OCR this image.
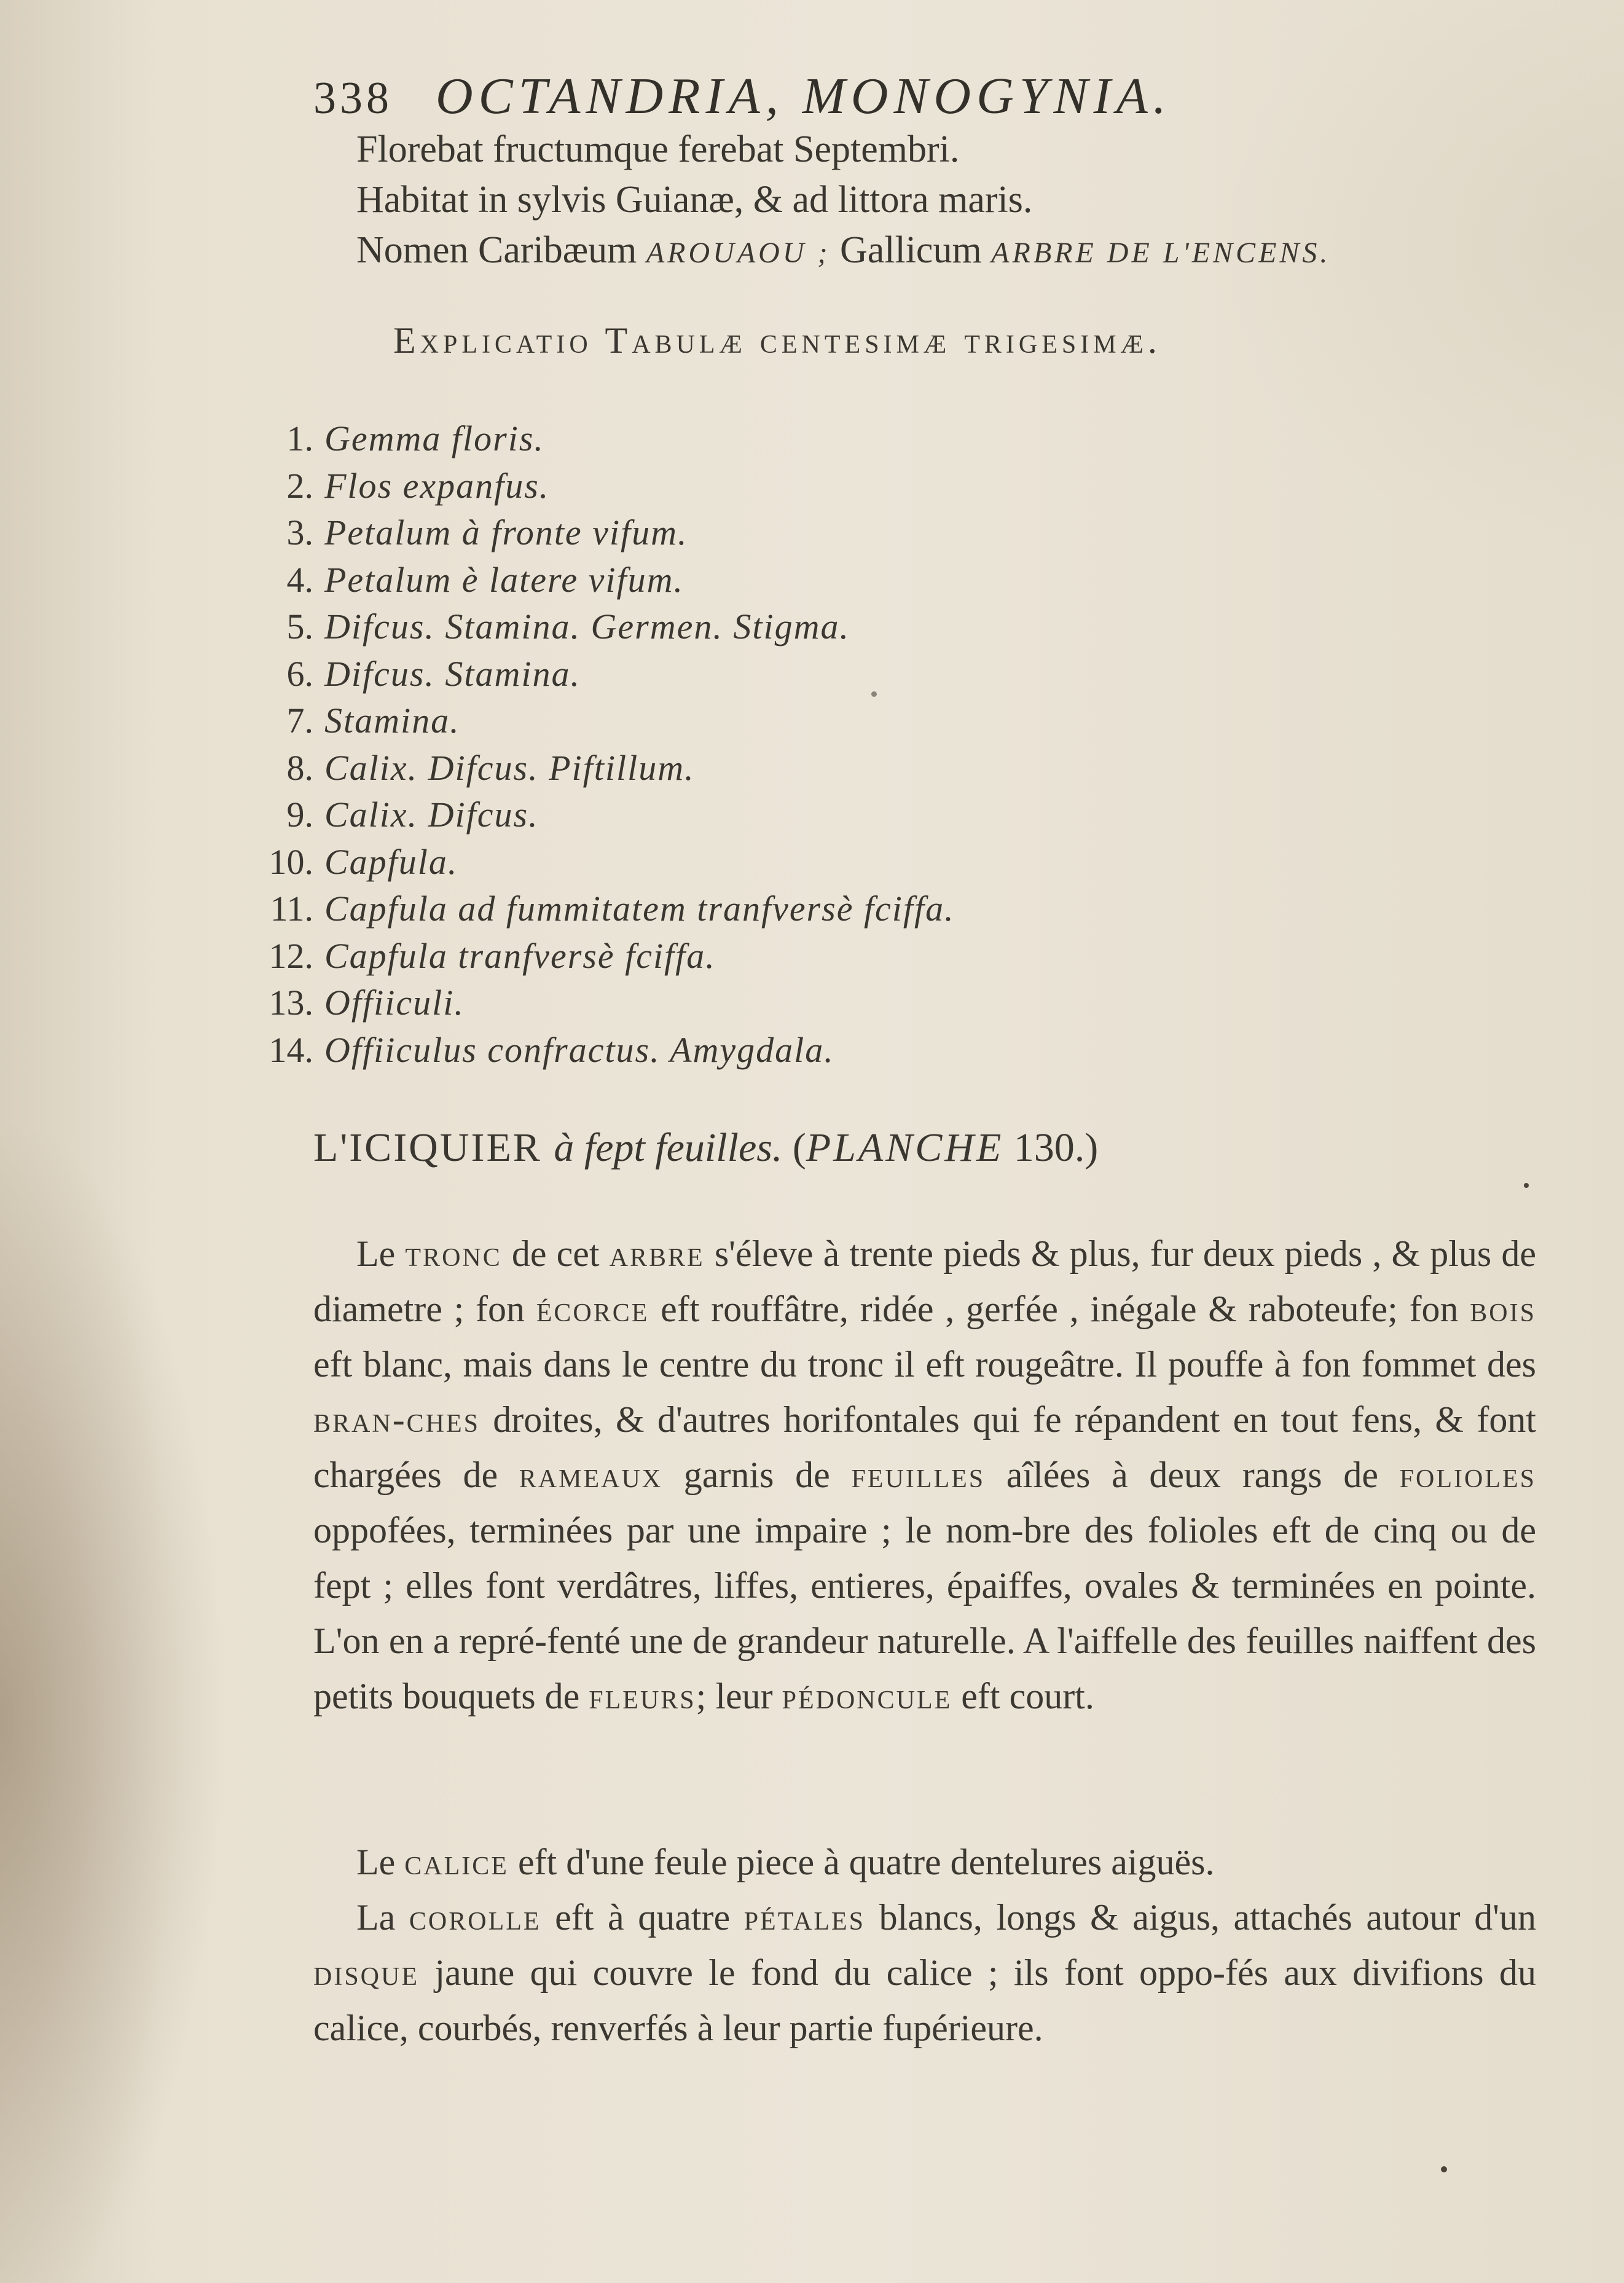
338 OCTANDRIA, MONOGYNIA.
Florebat fructumque ferebat Septembri.
Habitat in sylvis Guianæ, & ad littora maris.
Nomen Caribæum AROUAOU ; Gallicum ARBRE DE L'ENCENS.
Explicatio Tabulæ centesimæ trigesimæ.
1. Gemma floris.
2. Flos expanfus.
3. Petalum à fronte vifum.
4. Petalum è latere vifum.
5. Difcus. Stamina. Germen. Stigma.
6. Difcus. Stamina.
7. Stamina.
8. Calix. Difcus. Piftillum.
9. Calix. Difcus.
10. Capfula.
11. Capfula ad fummitatem tranfversè fciffa.
12. Capfula tranfversè fciffa.
13. Offiiculi.
14. Offiiculus confractus. Amygdala.
L'ICIQUIER à fept feuilles. (PLANCHE 130.)
Le tronc de cet arbre s'éleve à trente pieds & plus, fur deux pieds , & plus de diametre ; fon écorce eft rouffâtre, ridée , gerfée , inégale & raboteufe; fon bois eft blanc, mais dans le centre du tronc il eft rougeâtre. Il pouffe à fon fommet des bran-ches droites, & d'autres horifontales qui fe répandent en tout fens, & font chargées de rameaux garnis de feuilles aîlées à deux rangs de folioles oppofées, terminées par une impaire ; le nom-bre des folioles eft de cinq ou de fept ; elles font verdâtres, liffes, entieres, épaiffes, ovales & terminées en pointe. L'on en a repré-fenté une de grandeur naturelle. A l'aiffelle des feuilles naiffent des petits bouquets de fleurs; leur pédoncule eft court.
Le calice eft d'une feule piece à quatre dentelures aiguës.
La corolle eft à quatre pétales blancs, longs & aigus, attachés autour d'un disque jaune qui couvre le fond du calice ; ils font oppo-fés aux divifions du calice, courbés, renverfés à leur partie fupérieure.
